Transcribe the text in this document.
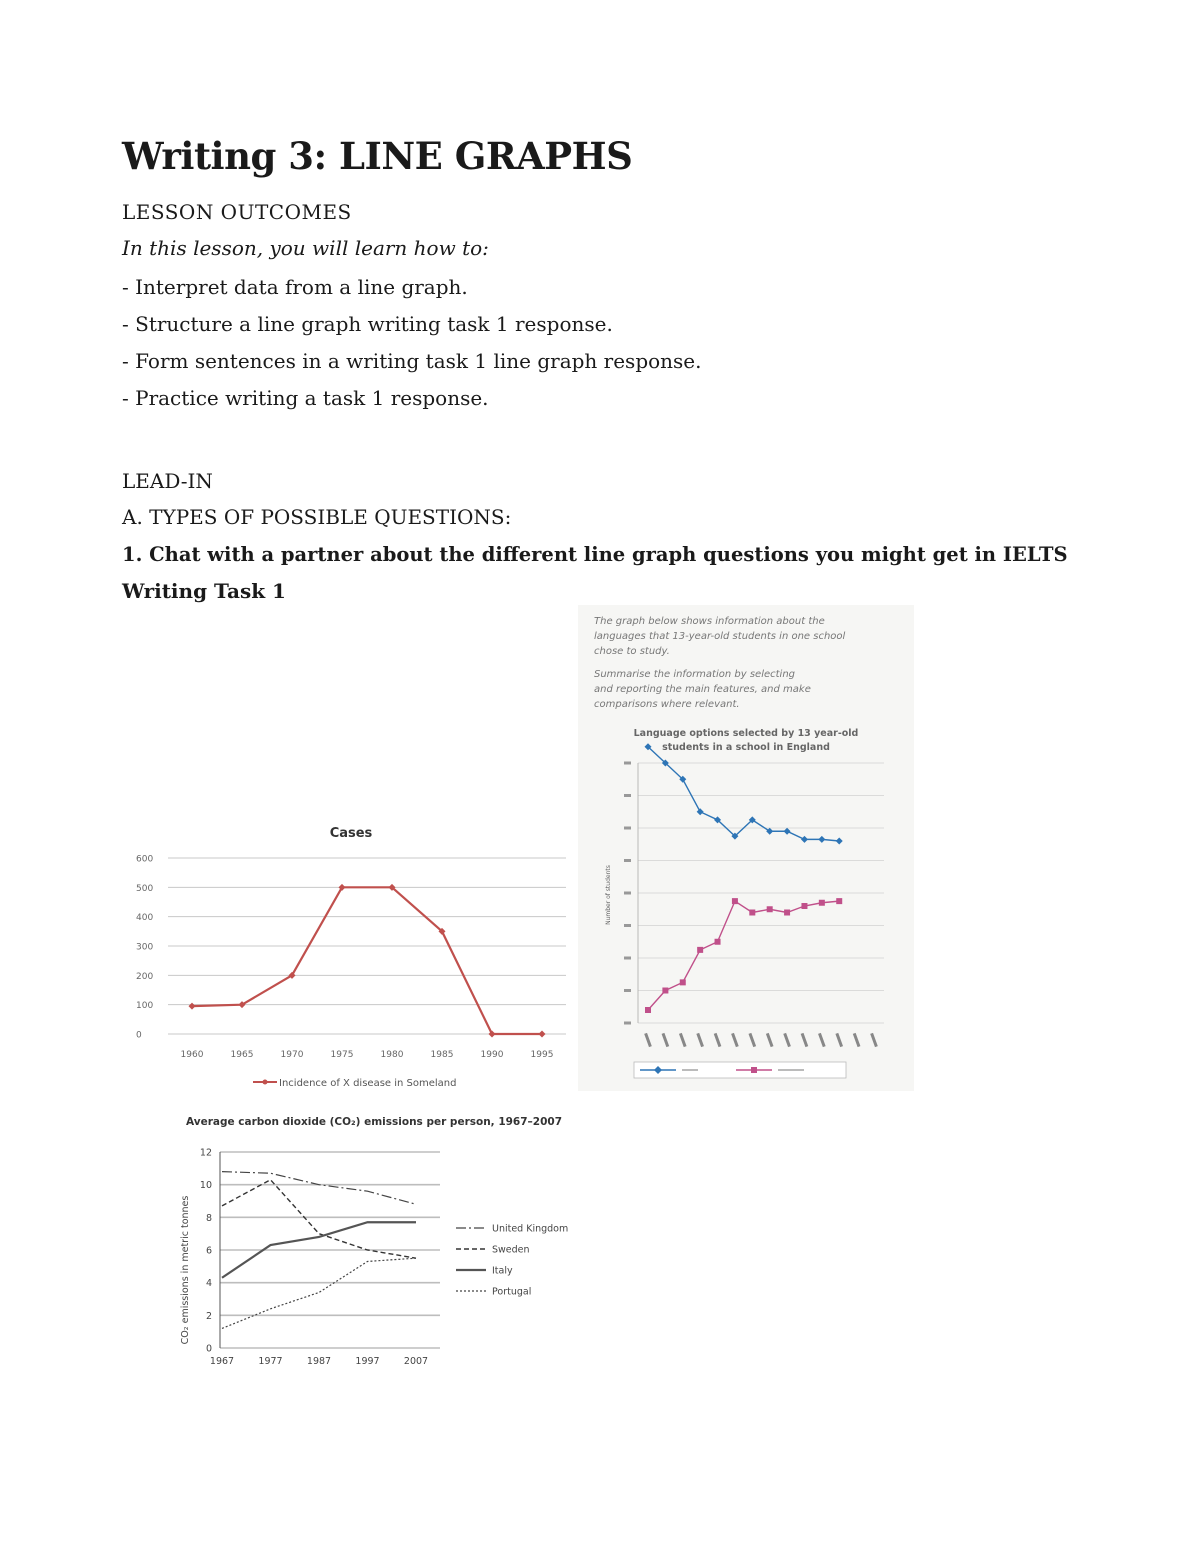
Writing 3: LINE GRAPHS
LESSON OUTCOMES
In this lesson, you will learn how to:
- Interpret data from a line graph.
- Structure a line graph writing task 1 response.
- Form sentences in a writing task 1 line graph response.
- Practice writing a task 1 response.
LEAD-IN
A. TYPES OF POSSIBLE QUESTIONS:
1. Chat with a partner about the different line graph questions you might get in IELTS
Writing Task 1
Cases
0
100
200
300
400
500
600
1960	1965	1970	1975	1980	1985	1990	1995
Incidence of X disease in Someland
The graph below shows information about the
languages that 13-year-old students in one school
chose to study.
Summarise the information by selecting
and reporting the main features, and make
comparisons where relevant.
Language options selected by 13 year-old
students in a school in England
Number of students
Average carbon dioxide (CO₂) emissions per person, 1967–2007
CO₂ emissions in metric tonnes
0
2
4
6
8
10
12
1967	1977	1987	1997	2007
United Kingdom
Sweden
Italy
Portugal
